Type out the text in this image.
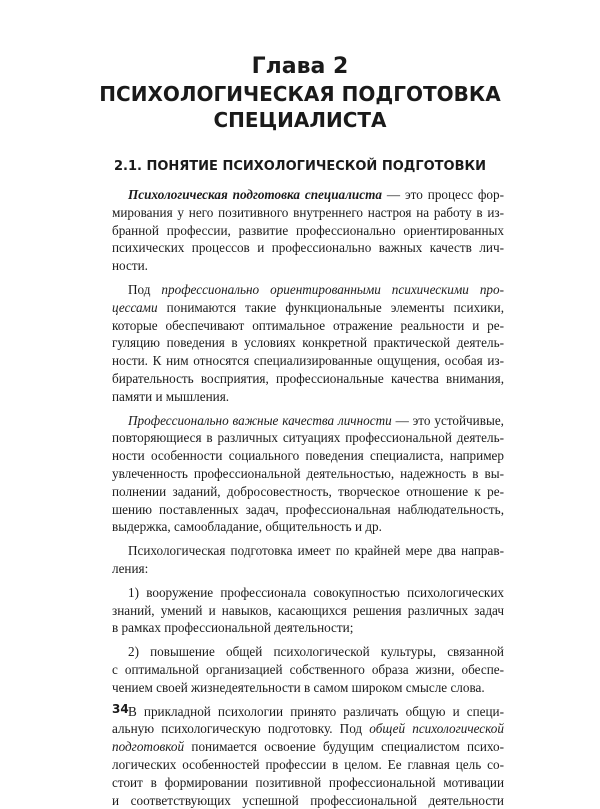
Глава 2
ПСИХОЛОГИЧЕСКАЯ ПОДГОТОВКА
СПЕЦИАЛИСТА
2.1. ПОНЯТИЕ ПСИХОЛОГИЧЕСКОЙ ПОДГОТОВКИ
Психологическая подготовка специалиста — это процесс фор-
мирования у него позитивного внутреннего настроя на работу в из-
бранной профессии, развитие профессионально ориентированных
психических процессов и профессионально важных качеств лич-
ности.
Под профессионально ориентированными психическими про-
цессами понимаются такие функциональные элементы психики,
которые обеспечивают оптимальное отражение реальности и ре-
гуляцию поведения в условиях конкретной практической деятель-
ности. К ним относятся специализированные ощущения, особая из-
бирательность восприятия, профессиональные качества внимания,
памяти и мышления.
Профессионально важные качества личности — это устойчивые,
повторяющиеся в различных ситуациях профессиональной деятель-
ности особенности социального поведения специалиста, например
увлеченность профессиональной деятельностью, надежность в вы-
полнении заданий, добросовестность, творческое отношение к ре-
шению поставленных задач, профессиональная наблюдательность,
выдержка, самообладание, общительность и др.
Психологическая подготовка имеет по крайней мере два направ-
ления:
1) вооружение профессионала совокупностью психологических
знаний, умений и навыков, касающихся решения различных задач
в рамках профессиональной деятельности;
2) повышение общей психологической культуры, связанной
с оптимальной организацией собственного образа жизни, обеспе-
чением своей жизнедеятельности в самом широком смысле слова.
В прикладной психологии принято различать общую и специ-
альную психологическую подготовку. Под общей психологической
подготовкой понимается освоение будущим специалистом психо-
логических особенностей профессии в целом. Ее главная цель со-
стоит в формировании позитивной профессиональной мотивации
и соответствующих успешной профессиональной деятельности
34
